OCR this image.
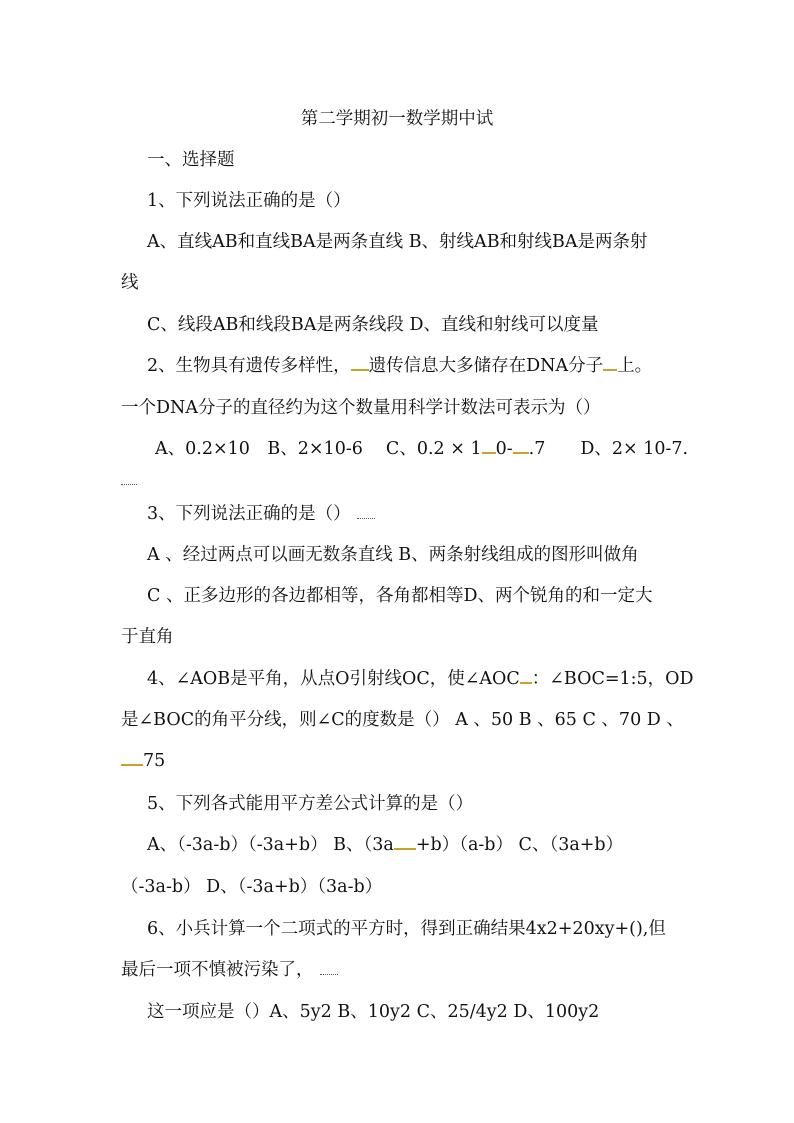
第二学期初一数学期中试
一、选择题
1、下列说法正确的是（）
A、直线AB和直线BA是两条直线 B、射线AB和射线BA是两条射
线
C、线段AB和线段BA是两条线段 D、直线和射线可以度量
2、生物具有遗传多样性， 遗传信息大多储存在DNA分子 上。
一个DNA分子的直径约为这个数量用科学计数法可表示为（）
A、0.2×10　B、2×10-6　 C、0.2 × 1 0- .7　　D、2× 10-7.
3、下列说法正确的是（）
A 、经过两点可以画无数条直线 B、两条射线组成的图形叫做角
C 、正多边形的各边都相等，各角都相等D、两个锐角的和一定大
于直角
4、∠AOB是平角，从点O引射线OC，使∠AOC ：∠BOC=1:5，OD
是∠BOC的角平分线，则∠C的度数是（） A 、50 B 、65 C 、70 D 、
75
5、下列各式能用平方差公式计算的是（）
A、（-3a-b）（-3a+b） B、（3a +b）（a-b） C、（3a+b）
（-3a-b） D、（-3a+b）（3a-b）
6、小兵计算一个二项式的平方时，得到正确结果4x2+20xy+(),但
最后一项不慎被污染了，
这一项应是（）A、5y2 B、10y2 C、25/4y2 D、100y2
